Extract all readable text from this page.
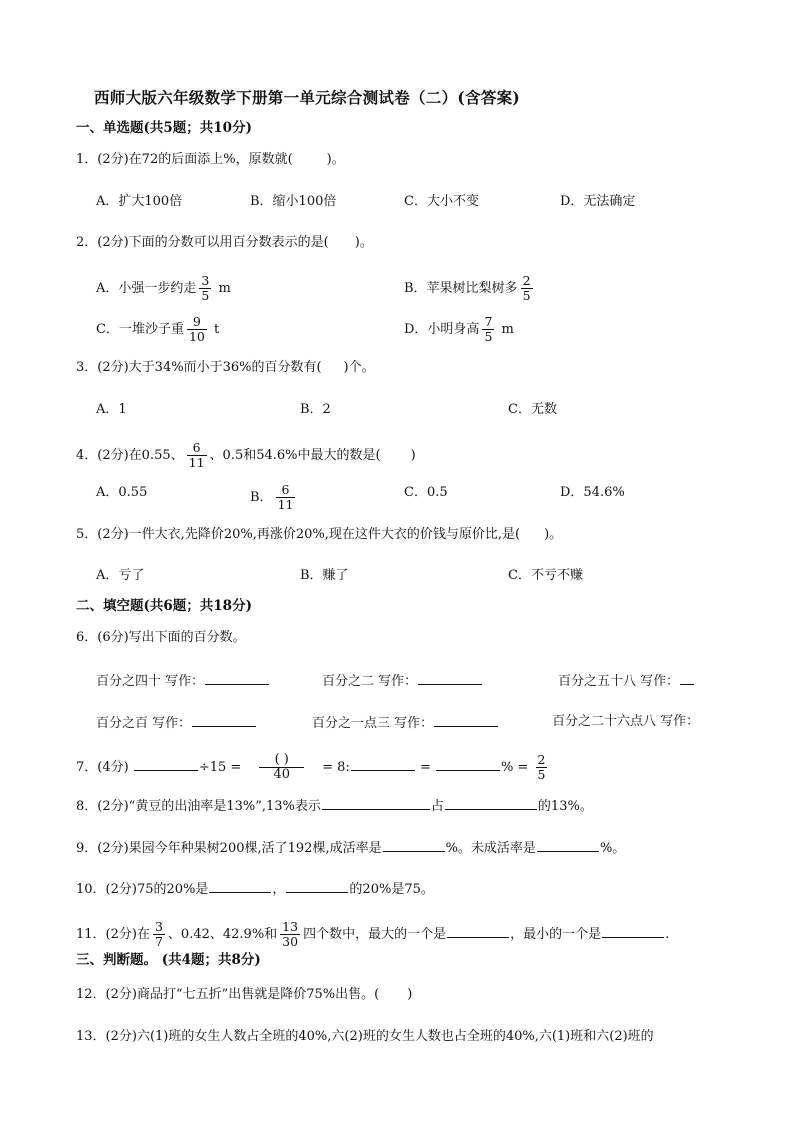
西师大版六年级数学下册第一单元综合测试卷（二）(含答案)
一、单选题(共5题；共10分)
1．(2分)在72的后面添上%，原数就(	)。
A．扩大100倍	B．缩小100倍	C．大小不变	D．无法确定
2．(2分)下面的分数可以用百分数表示的是( )。
A．小强一步约走 $\frac{3}{5}$ m	B．苹果树比梨树多 $\frac{2}{5}$
C．一堆沙子重 $\frac{9}{10}$ t	D．小明身高 $\frac{7}{5}$ m
3．(2分)大于34%而小于36%的百分数有( )个。
A．1	B．2	C．无数
4．(2分)在0.55、 $\frac{6}{11}$ 、0.5和54.6%中最大的数是( )
A．0.55	B． $\frac{6}{11}$	C．0.5	D．54.6%
5．(2分)一件大衣,先降价20%,再涨价20%,现在这件大衣的价钱与原价比,是( )。
A．亏了	B．赚了	C．不亏不赚
二、填空题(共6题；共18分)
6．(6分)写出下面的百分数。
百分之四十 写作：	百分之二 写作：	百分之五十八 写作：
百分之百 写作：	百分之一点三 写作：	百分之二十六点八 写作：
7．(4分)	$\div 15 = \frac{( )}{40} = 8$:	=	% = $\frac{2}{5}$
8．(2分)“黄豆的出油率是13%”,13%表示	占	的13%。
9．(2分)果园今年种果树200棵,活了192棵,成活率是	%。未成活率是	%。
10．(2分)75的20%是	，	的20%是75。
11．(2分)在 $\frac{3}{7}$ 、0.42、42.9%和 $\frac{13}{30}$ 四个数中，最大的一个是	，最小的一个是	.
三、判断题。 (共4题；共8分)
12．(2分)商品打“七五折”出售就是降价75%出售。( )
13．(2分)六(1)班的女生人数占全班的40%,六(2)班的女生人数也占全班的40%,六(1)班和六(2)班的
